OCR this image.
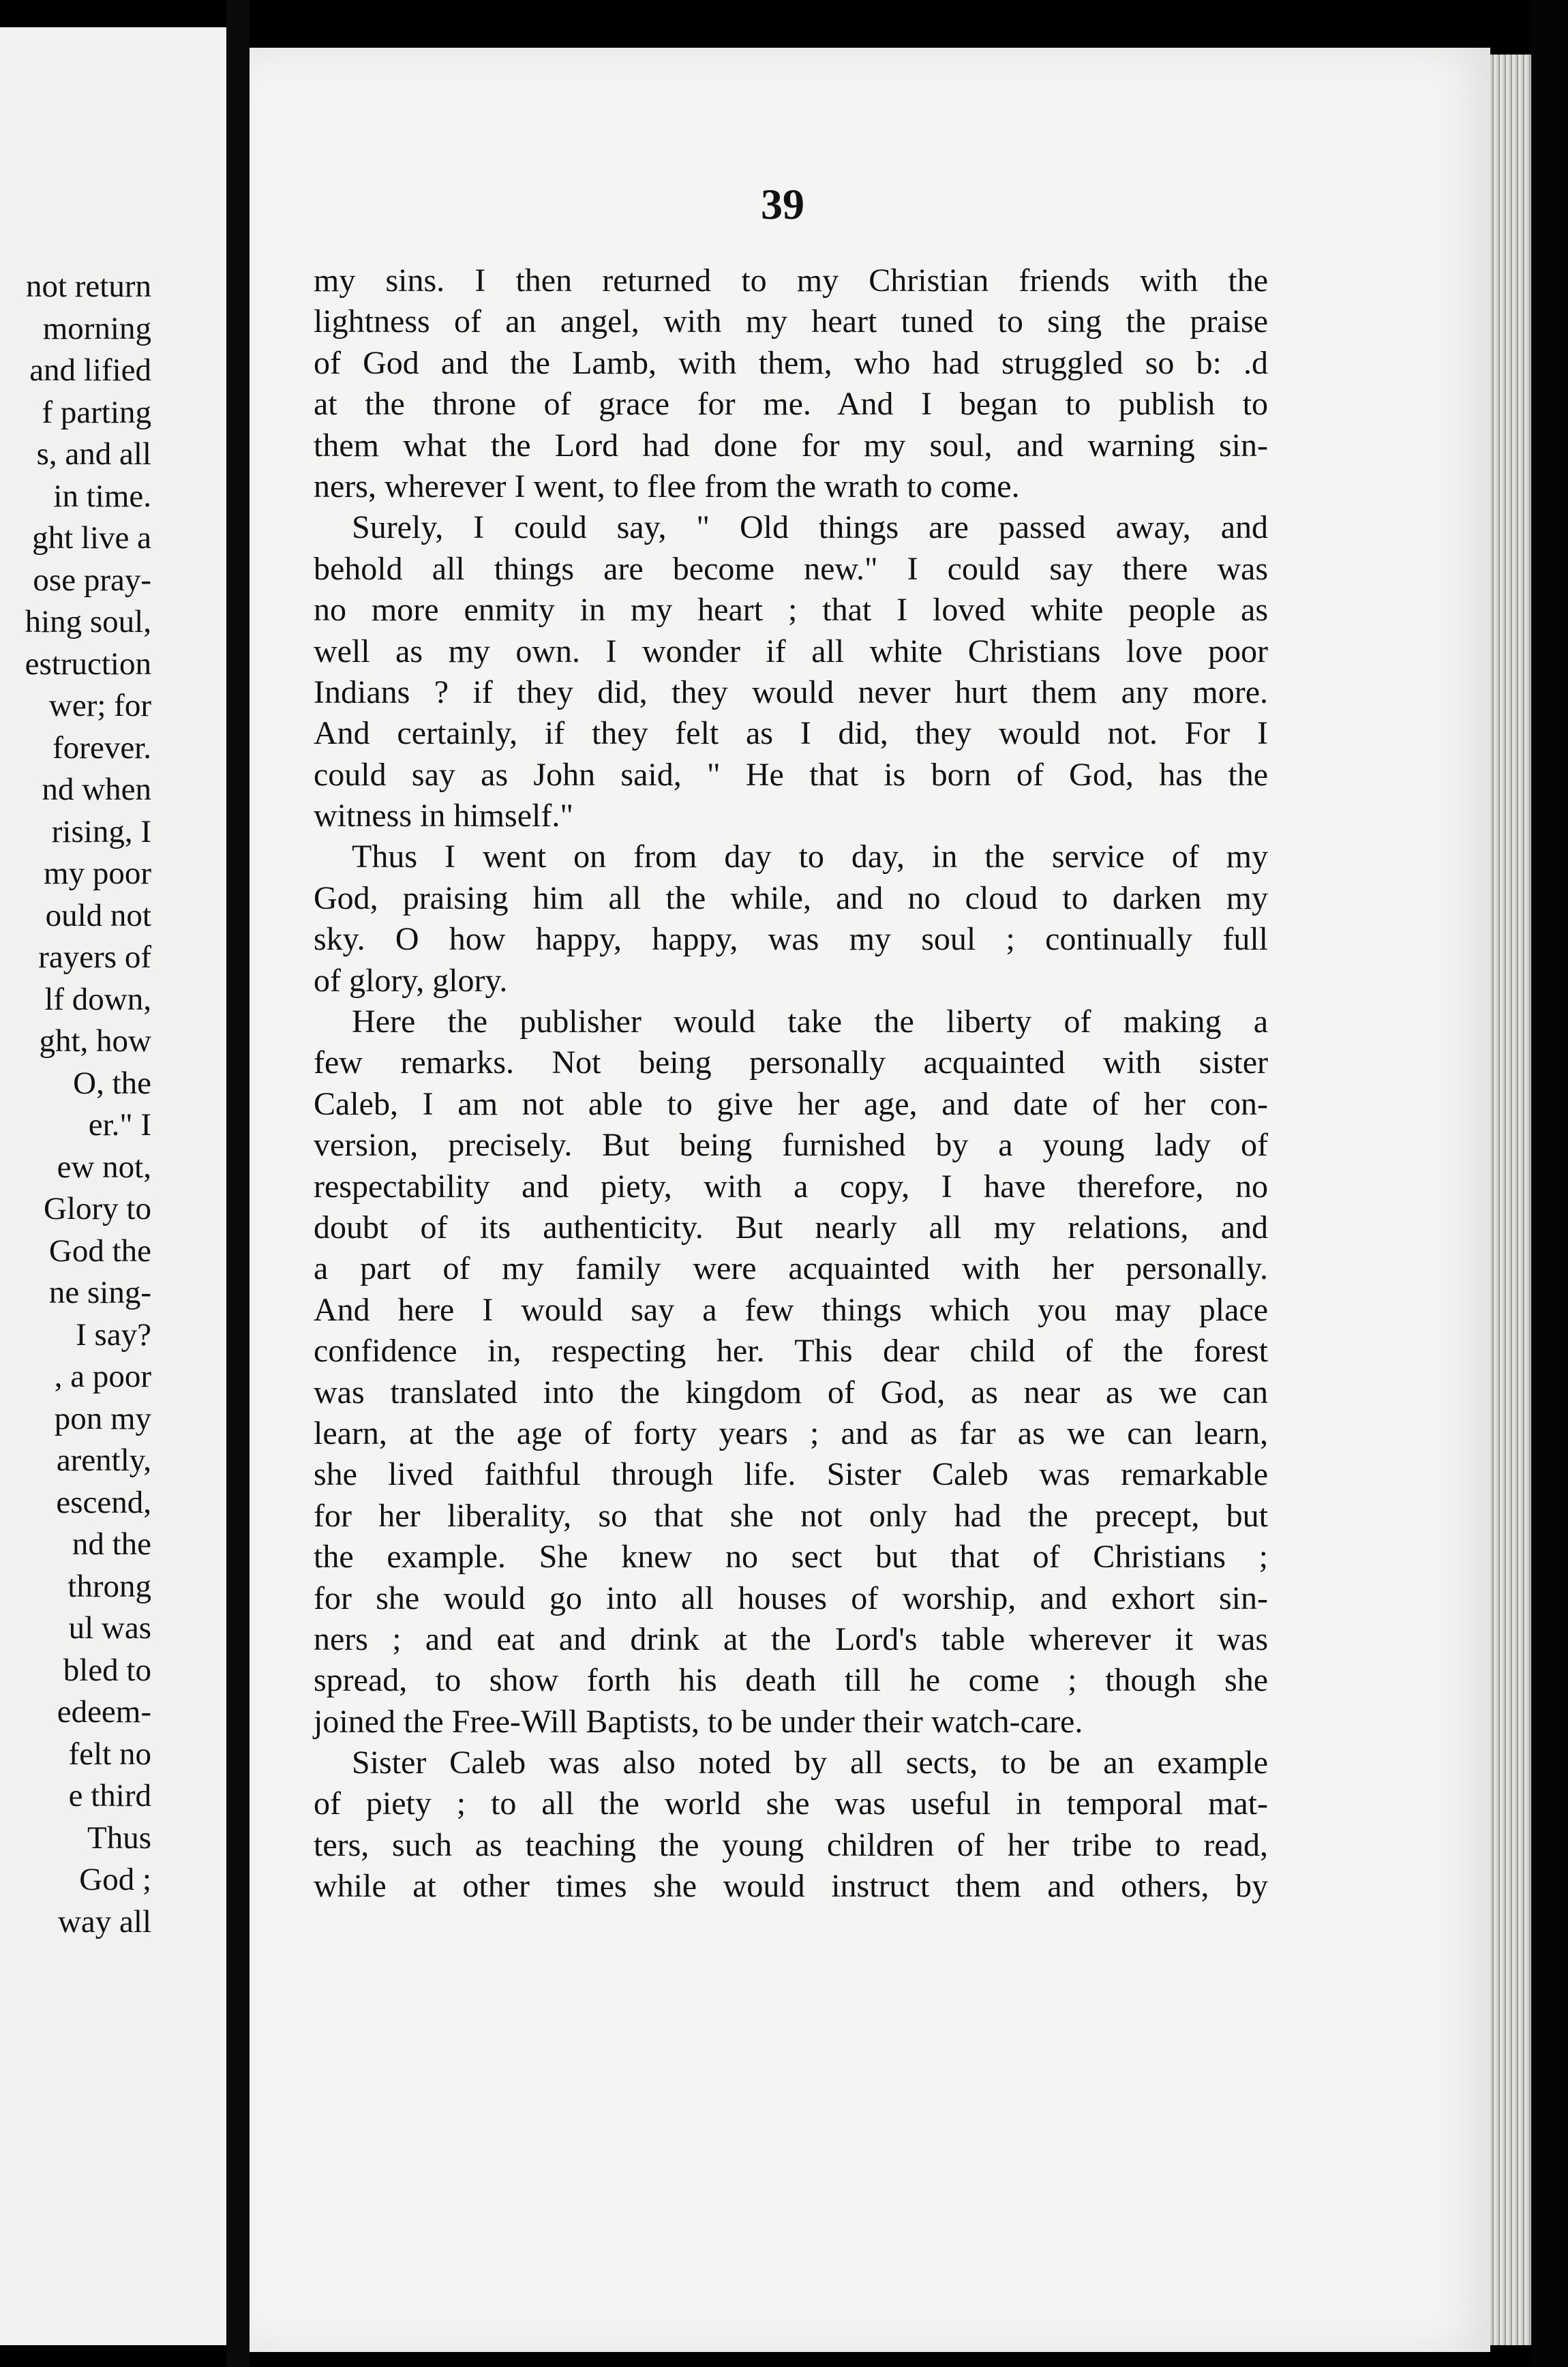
not return
morning
and lified
f parting
s, and all
in time.
ght live a
ose pray-
hing soul,
estruction
wer; for
forever.
nd when
rising, I
my poor
ould not
rayers of
lf down,
ght, how
O, the
er." I
ew not,
Glory to
God the
ne sing-
I say?
, a poor
pon my
arently,
escend,
nd the
throng
ul was
bled to
edeem-
felt no
e third
Thus
God ;
way all
39
my sins. I then returned to my Christian friends with the
lightness of an angel, with my heart tuned to sing the praise
of God and the Lamb, with them, who had struggled so b: .d
at the throne of grace for me. And I began to publish to
them what the Lord had done for my soul, and warning sin-
ners, wherever I went, to flee from the wrath to come.
Surely, I could say, " Old things are passed away, and
behold all things are become new." I could say there was
no more enmity in my heart ; that I loved white people as
well as my own. I wonder if all white Christians love poor
Indians ? if they did, they would never hurt them any more.
And certainly, if they felt as I did, they would not. For I
could say as John said, " He that is born of God, has the
witness in himself."
Thus I went on from day to day, in the service of my
God, praising him all the while, and no cloud to darken my
sky. O how happy, happy, was my soul ; continually full
of glory, glory.
Here the publisher would take the liberty of making a
few remarks. Not being personally acquainted with sister
Caleb, I am not able to give her age, and date of her con-
version, precisely. But being furnished by a young lady of
respectability and piety, with a copy, I have therefore, no
doubt of its authenticity. But nearly all my relations, and
a part of my family were acquainted with her personally.
And here I would say a few things which you may place
confidence in, respecting her. This dear child of the forest
was translated into the kingdom of God, as near as we can
learn, at the age of forty years ; and as far as we can learn,
she lived faithful through life. Sister Caleb was remarkable
for her liberality, so that she not only had the precept, but
the example. She knew no sect but that of Christians ;
for she would go into all houses of worship, and exhort sin-
ners ; and eat and drink at the Lord's table wherever it was
spread, to show forth his death till he come ; though she
joined the Free-Will Baptists, to be under their watch-care.
Sister Caleb was also noted by all sects, to be an example
of piety ; to all the world she was useful in temporal mat-
ters, such as teaching the young children of her tribe to read,
while at other times she would instruct them and others, by
